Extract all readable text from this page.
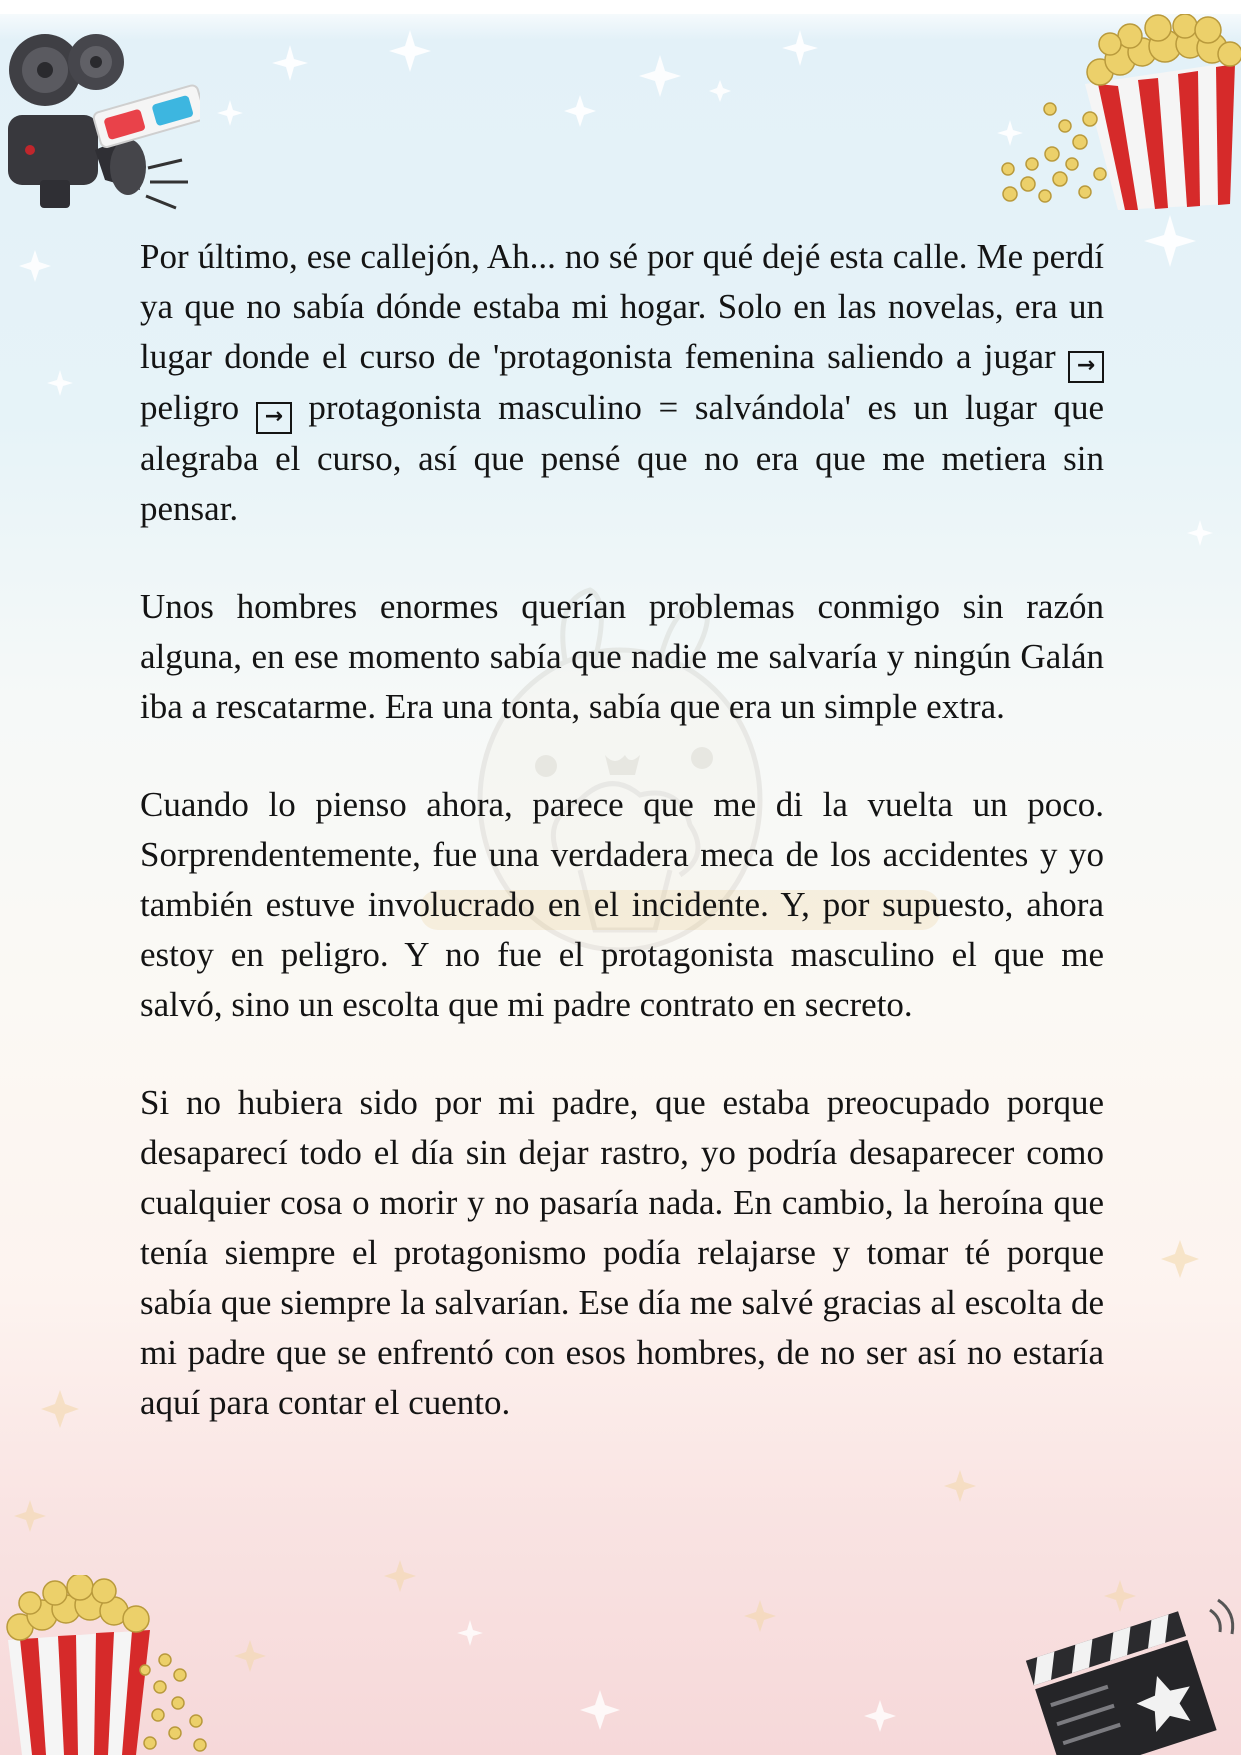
Por último, ese callejón, Ah... no sé por qué dejé esta calle. Me perdí ya que no sabía dónde estaba mi hogar. Solo en las novelas, era un lugar donde el curso de 'protagonista femenina saliendo a jugar → peligro → protagonista masculino = salvándola' es un lugar que alegraba el curso, así que pensé que no era que me metiera sin pensar.

Unos hombres enormes querían problemas conmigo sin razón alguna, en ese momento sabía que nadie me salvaría y ningún Galán iba a rescatarme. Era una tonta, sabía que era un simple extra.

Cuando lo pienso ahora, parece que me di la vuelta un poco. Sorprendentemente, fue una verdadera meca de los accidentes y yo también estuve involucrado en el incidente. Y, por supuesto, ahora estoy en peligro. Y no fue el protagonista masculino el que me salvó, sino un escolta que mi padre contrato en secreto.

Si no hubiera sido por mi padre, que estaba preocupado porque desaparecí todo el día sin dejar rastro, yo podría desaparecer como cualquier cosa o morir y no pasaría nada. En cambio, la heroína que tenía siempre el protagonismo podía relajarse y tomar té porque sabía que siempre la salvarían. Ese día me salvé gracias al escolta de mi padre que se enfrentó con esos hombres, de no ser así no estaría aquí para contar el cuento.
